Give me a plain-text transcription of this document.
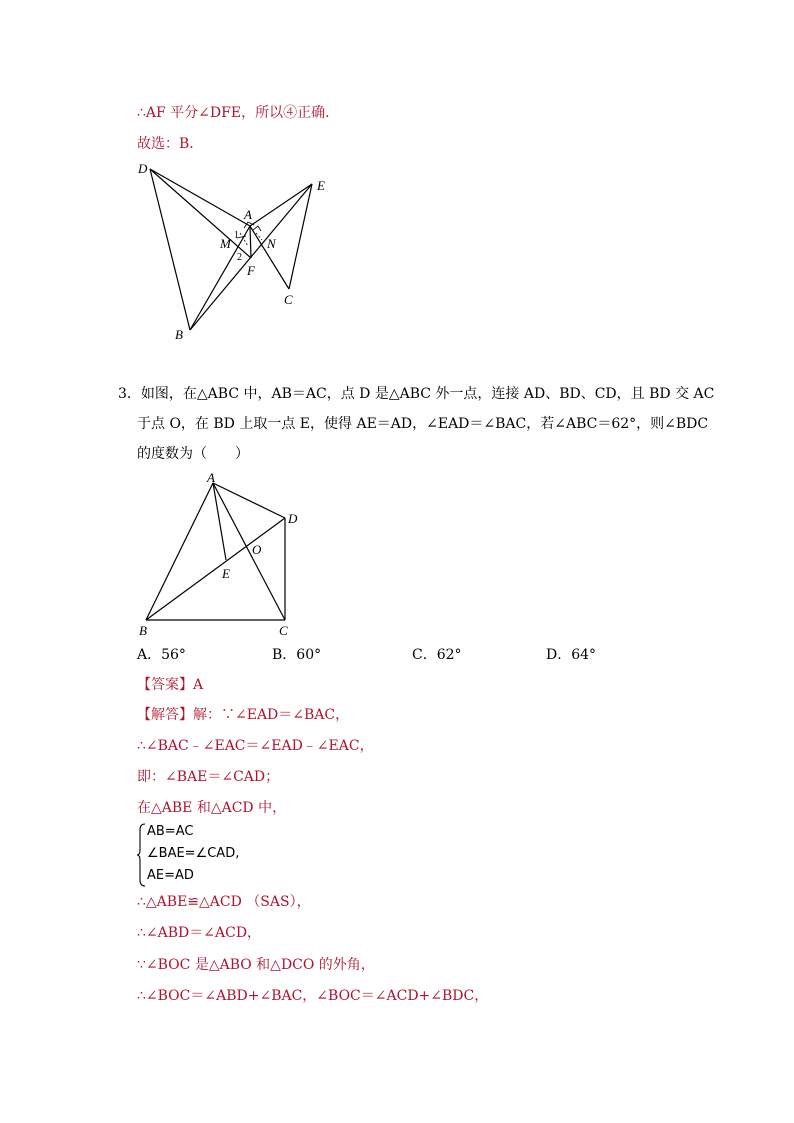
∴AF 平分∠DFE，所以④正确．
故选：B．
D
E
A
M	N
F
C
B
1
2
3．如图，在△ABC 中，AB＝AC，点 D 是△ABC 外一点，连接 AD、BD、CD，且 BD 交 AC
于点 O，在 BD 上取一点 E，使得 AE＝AD，∠EAD＝∠BAC，若∠ABC＝62°，则∠BDC
的度数为（　　）
A
D
O
E
B	C
A．56°	B．60°	C．62°	D．64°
【答案】A
【解答】解：∵∠EAD＝∠BAC，
∴∠BAC﹣∠EAC＝∠EAD﹣∠EAC，
即：∠BAE＝∠CAD；
在△ABE 和△ACD 中，
AB=AC
∠BAE=∠CAD,
AE=AD
∴△ABE≌△ACD （SAS），
∴∠ABD＝∠ACD，
∵∠BOC 是△ABO 和△DCO 的外角，
∴∠BOC＝∠ABD+∠BAC，∠BOC＝∠ACD+∠BDC，
